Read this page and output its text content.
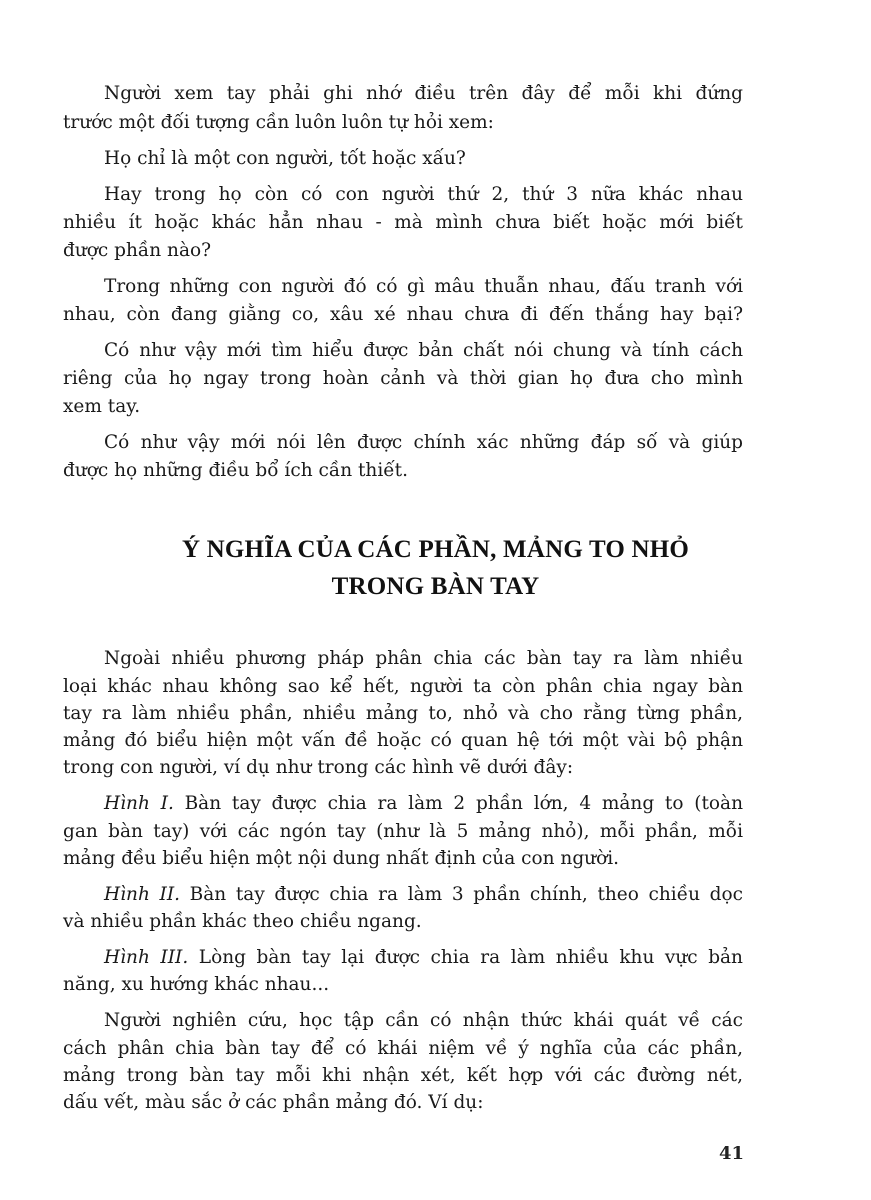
Người xem tay phải ghi nhớ điều trên đây để mỗi khi đứng
trước một đối tượng cần luôn luôn tự hỏi xem:
Họ chỉ là một con người, tốt hoặc xấu?
Hay trong họ còn có con người thứ 2, thứ 3 nữa khác nhau
nhiều ít hoặc khác hẳn nhau - mà mình chưa biết hoặc mới biết
được phần nào?
Trong những con người đó có gì mâu thuẫn nhau, đấu tranh với
nhau, còn đang giằng co, xâu xé nhau chưa đi đến thắng hay bại?
Có như vậy mới tìm hiểu được bản chất nói chung và tính cách
riêng của họ ngay trong hoàn cảnh và thời gian họ đưa cho mình
xem tay.
Có như vậy mới nói lên được chính xác những đáp số và giúp
được họ những điều bổ ích cần thiết.
Ý NGHĨA CỦA CÁC PHẦN, MẢNG TO NHỎ
TRONG BÀN TAY
Ngoài nhiều phương pháp phân chia các bàn tay ra làm nhiều
loại khác nhau không sao kể hết, người ta còn phân chia ngay bàn
tay ra làm nhiều phần, nhiều mảng to, nhỏ và cho rằng từng phần,
mảng đó biểu hiện một vấn đề hoặc có quan hệ tới một vài bộ phận
trong con người, ví dụ như trong các hình vẽ dưới đây:
Hình I. Bàn tay được chia ra làm 2 phần lớn, 4 mảng to (toàn
gan bàn tay) với các ngón tay (như là 5 mảng nhỏ), mỗi phần, mỗi
mảng đều biểu hiện một nội dung nhất định của con người.
Hình II. Bàn tay được chia ra làm 3 phần chính, theo chiều dọc
và nhiều phần khác theo chiều ngang.
Hình III. Lòng bàn tay lại được chia ra làm nhiều khu vực bản
năng, xu hướng khác nhau...
Người nghiên cứu, học tập cần có nhận thức khái quát về các
cách phân chia bàn tay để có khái niệm về ý nghĩa của các phần,
mảng trong bàn tay mỗi khi nhận xét, kết hợp với các đường nét,
dấu vết, màu sắc ở các phần mảng đó. Ví dụ:
41
